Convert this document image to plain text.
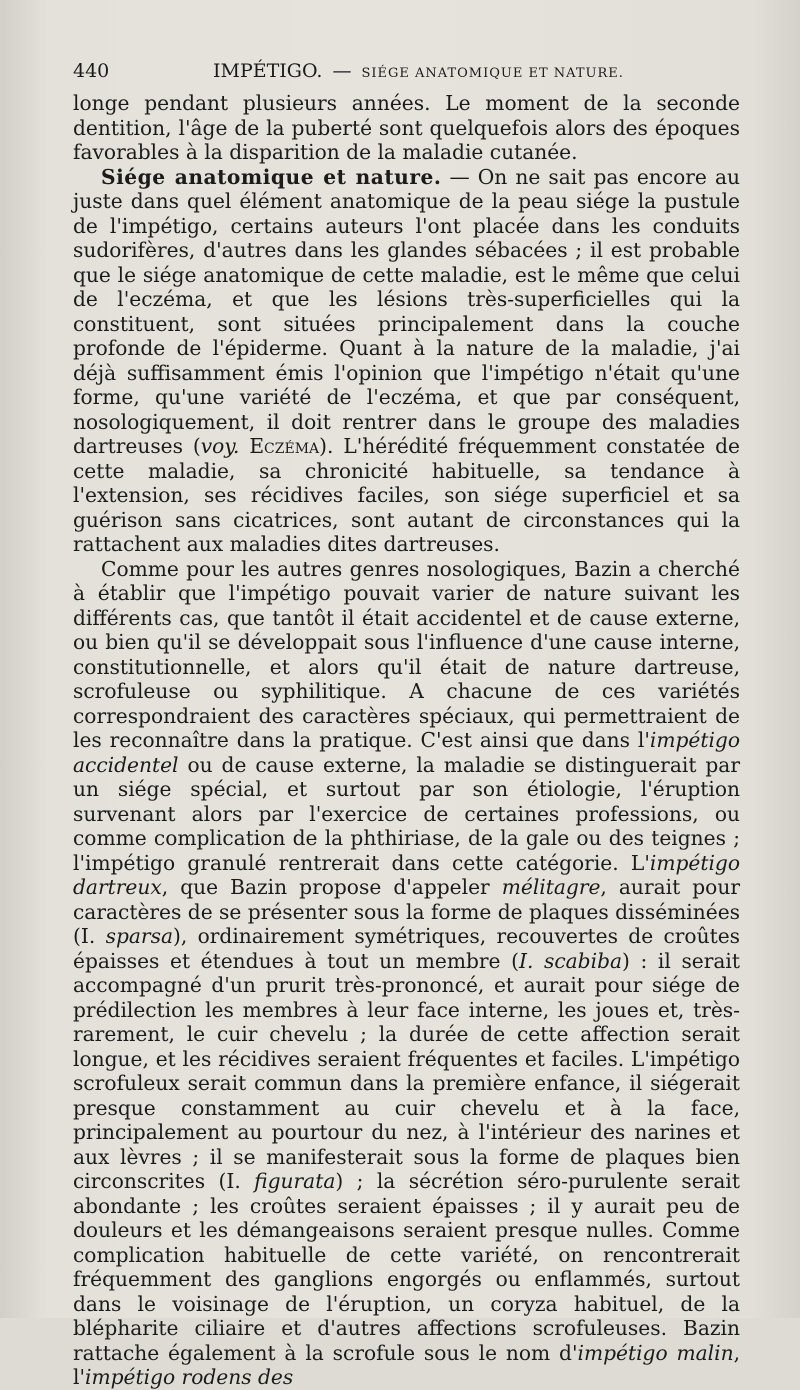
440	IMPÉTIGO. — SIÉGE ANATOMIQUE ET NATURE.

longe pendant plusieurs années. Le moment de la seconde dentition, l'âge de la puberté sont quelquefois alors des époques favorables à la disparition de la maladie cutanée.

Siége anatomique et nature. — On ne sait pas encore au juste dans quel élément anatomique de la peau siége la pustule de l'impétigo, certains auteurs l'ont placée dans les conduits sudorifères, d'autres dans les glandes sébacées ; il est probable que le siége anatomique de cette maladie, est le même que celui de l'eczéma, et que les lésions très-superficielles qui la constituent, sont situées principalement dans la couche profonde de l'épiderme. Quant à la nature de la maladie, j'ai déjà suffisamment émis l'opinion que l'impétigo n'était qu'une forme, qu'une variété de l'eczéma, et que par conséquent, nosologiquement, il doit rentrer dans le groupe des maladies dartreuses (voy. Eczéma). L'hérédité fréquemment constatée de cette maladie, sa chronicité habituelle, sa tendance à l'extension, ses récidives faciles, son siége superficiel et sa guérison sans cicatrices, sont autant de circonstances qui la rattachent aux maladies dites dartreuses.

Comme pour les autres genres nosologiques, Bazin a cherché à établir que l'impétigo pouvait varier de nature suivant les différents cas, que tantôt il était accidentel et de cause externe, ou bien qu'il se développait sous l'influence d'une cause interne, constitutionnelle, et alors qu'il était de nature dartreuse, scrofuleuse ou syphilitique. A chacune de ces variétés correspondraient des caractères spéciaux, qui permettraient de les reconnaître dans la pratique. C'est ainsi que dans l'impétigo accidentel ou de cause externe, la maladie se distinguerait par un siége spécial, et surtout par son étiologie, l'éruption survenant alors par l'exercice de certaines professions, ou comme complication de la phthiriase, de la gale ou des teignes ; l'impétigo granulé rentrerait dans cette catégorie. L'impétigo dartreux, que Bazin propose d'appeler mélitagre, aurait pour caractères de se présenter sous la forme de plaques disséminées (I. sparsa), ordinairement symétriques, recouvertes de croûtes épaisses et étendues à tout un membre (I. scabiba) : il serait accompagné d'un prurit très-prononcé, et aurait pour siége de prédilection les membres à leur face interne, les joues et, très-rarement, le cuir chevelu ; la durée de cette affection serait longue, et les récidives seraient fréquentes et faciles. L'impétigo scrofuleux serait commun dans la première enfance, il siégerait presque constamment au cuir chevelu et à la face, principalement au pourtour du nez, à l'intérieur des narines et aux lèvres ; il se manifesterait sous la forme de plaques bien circonscrites (I. figurata) ; la sécrétion séro-purulente serait abondante ; les croûtes seraient épaisses ; il y aurait peu de douleurs et les démangeaisons seraient presque nulles. Comme complication habituelle de cette variété, on rencontrerait fréquemment des ganglions engorgés ou enflammés, surtout dans le voisinage de l'éruption, un coryza habituel, de la blépharite ciliaire et d'autres affections scrofuleuses. Bazin rattache également à la scrofule sous le nom d'impétigo malin, l'impétigo rodens des
